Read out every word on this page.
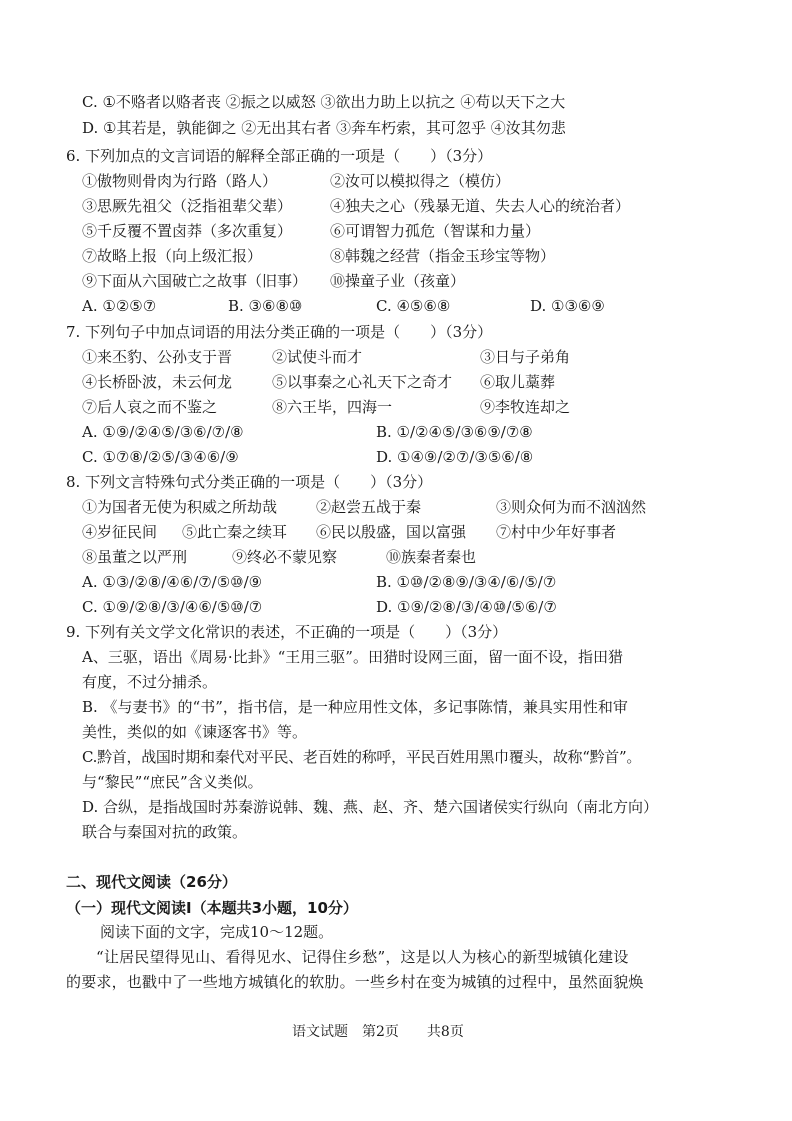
C. ①不赂者以赂者丧 ②振之以威怒 ③欲出力助上以抗之 ④苟以天下之大
D. ①其若是，孰能御之 ②无出其右者 ③奔车朽索，其可忽乎 ④汝其勿悲
6. 下列加点的文言词语的解释全部正确的一项是（　　）（3分）
①傲物则骨肉为行路（路人）	②汝可以模拟得之（模仿）
③思厥先祖父（泛指祖辈父辈）	④独夫之心（残暴无道、失去人心的统治者）
⑤千反覆不置卤莽（多次重复）	⑥可谓智力孤危（智谋和力量）
⑦故略上报（向上级汇报）	⑧韩魏之经营（指金玉珍宝等物）
⑨下面从六国破亡之故事（旧事） ⑩操童子业（孩童）
A. ①②⑤⑦	B. ③⑥⑧⑩	C. ④⑤⑥⑧	D. ①③⑥⑨
7. 下列句子中加点词语的用法分类正确的一项是（　　）（3分）
①来丕豹、公孙支于晋	②试使斗而才	③日与子弟角
④长桥卧波，未云何龙	⑤以事秦之心礼天下之奇才 ⑥取儿藁葬
⑦后人哀之而不鉴之	⑧六王毕，四海一	⑨李牧连却之
A. ①⑨/②④⑤/③⑥/⑦/⑧	B. ①/②④⑤/③⑥⑨/⑦⑧
C. ①⑦⑧/②⑤/③④⑥/⑨	D. ①④⑨/②⑦/③⑤⑥/⑧
8. 下列文言特殊句式分类正确的一项是（　　）（3分）
①为国者无使为积威之所劫哉	②赵尝五战于秦	③则众何为而不汹汹然
④岁征民间 ⑤此亡秦之续耳 ⑥民以殷盛，国以富强 ⑦村中少年好事者
⑧虽董之以严刑	⑨终必不蒙见察	⑩族秦者秦也
A. ①③/②⑧/④⑥/⑦/⑤⑩/⑨	B. ①⑩/②⑧⑨/③④/⑥/⑤/⑦
C. ①⑨/②⑧/③/④⑥/⑤⑩/⑦	D. ①⑨/②⑧/③/④⑩/⑤⑥/⑦
9. 下列有关文学文化常识的表述，不正确的一项是（　　）（3分）
A、三驱，语出《周易·比卦》“王用三驱”。田猎时设网三面，留一面不设，指田猎
有度，不过分捕杀。
B. 《与妻书》的“书”，指书信，是一种应用性文体，多记事陈情，兼具实用性和审
美性，类似的如《谏逐客书》等。
C.黔首，战国时期和秦代对平民、老百姓的称呼，平民百姓用黑巾覆头，故称“黔首”。
与“黎民”“庶民”含义类似。
D. 合纵，是指战国时苏秦游说韩、魏、燕、赵、齐、楚六国诸侯实行纵向（南北方向）
联合与秦国对抗的政策。
二、现代文阅读（26分）
（一）现代文阅读Ⅰ（本题共3小题，10分）
阅读下面的文字，完成10～12题。
“让居民望得见山、看得见水、记得住乡愁”，这是以人为核心的新型城镇化建设
的要求，也戳中了一些地方城镇化的软肋。一些乡村在变为城镇的过程中，虽然面貌焕
语文试题　第2页　　共8页
